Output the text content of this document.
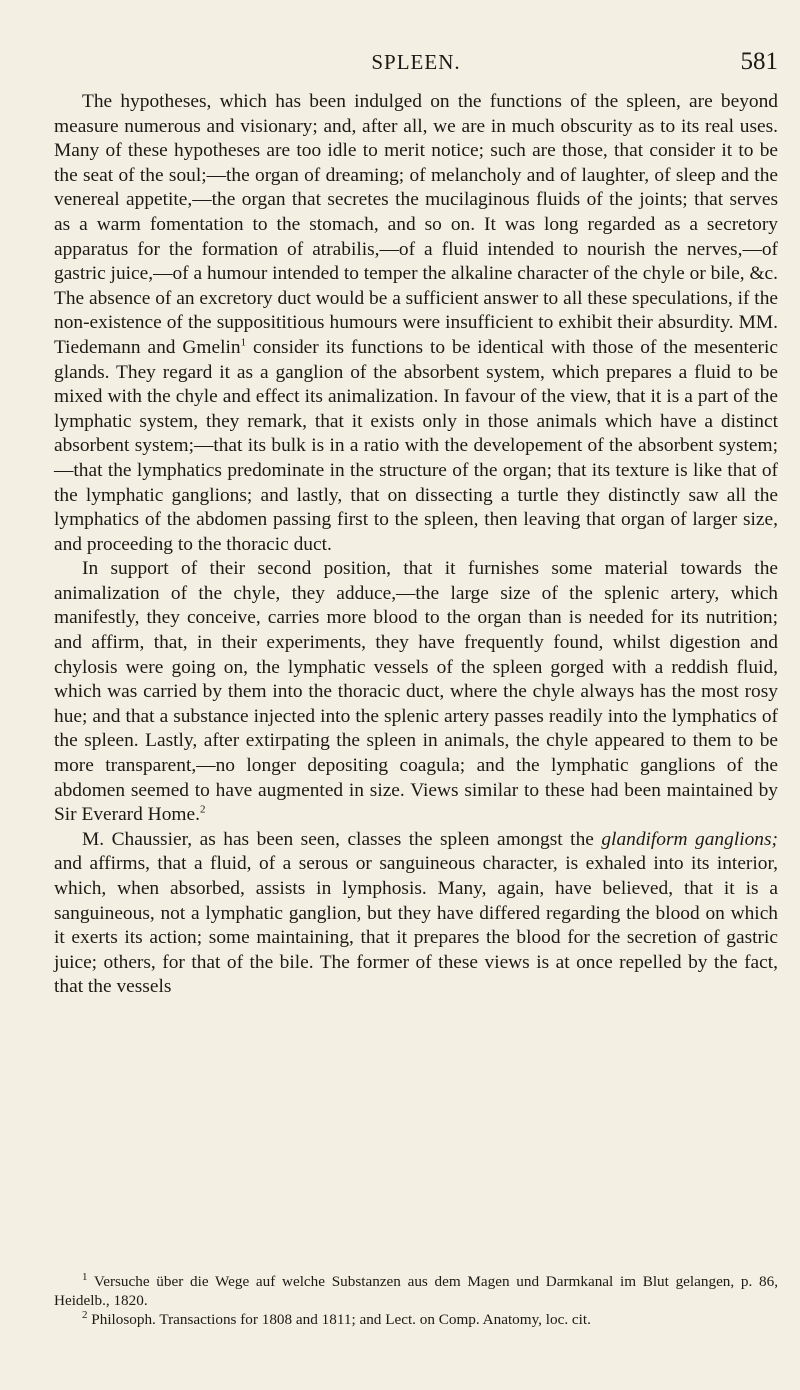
SPLEEN.	581

The hypotheses, which has been indulged on the functions of the spleen, are beyond measure numerous and visionary; and, after all, we are in much obscurity as to its real uses. Many of these hypotheses are too idle to merit notice; such are those, that consider it to be the seat of the soul;—the organ of dreaming; of melancholy and of laughter, of sleep and the venereal appetite,—the organ that secretes the mucilaginous fluids of the joints; that serves as a warm fomentation to the stomach, and so on. It was long regarded as a secretory apparatus for the formation of atrabilis,—of a fluid intended to nourish the nerves,—of gastric juice,—of a humour intended to temper the alkaline character of the chyle or bile, &c. The absence of an excretory duct would be a sufficient answer to all these speculations, if the non-existence of the supposititious humours were insufficient to exhibit their absurdity. MM. Tiedemann and Gmelin$^1$ consider its functions to be identical with those of the mesenteric glands. They regard it as a ganglion of the absorbent system, which prepares a fluid to be mixed with the chyle and effect its animalization. In favour of the view, that it is a part of the lymphatic system, they remark, that it exists only in those animals which have a distinct absorbent system;—that its bulk is in a ratio with the developement of the absorbent system;—that the lymphatics predominate in the structure of the organ; that its texture is like that of the lymphatic ganglions; and lastly, that on dissecting a turtle they distinctly saw all the lymphatics of the abdomen passing first to the spleen, then leaving that organ of larger size, and proceeding to the thoracic duct.

In support of their second position, that it furnishes some material towards the animalization of the chyle, they adduce,—the large size of the splenic artery, which manifestly, they conceive, carries more blood to the organ than is needed for its nutrition; and affirm, that, in their experiments, they have frequently found, whilst digestion and chylosis were going on, the lymphatic vessels of the spleen gorged with a reddish fluid, which was carried by them into the thoracic duct, where the chyle always has the most rosy hue; and that a substance injected into the splenic artery passes readily into the lymphatics of the spleen. Lastly, after extirpating the spleen in animals, the chyle appeared to them to be more transparent,—no longer depositing coagula; and the lymphatic ganglions of the abdomen seemed to have augmented in size. Views similar to these had been maintained by Sir Everard Home.$^2$

M. Chaussier, as has been seen, classes the spleen amongst the glandiform ganglions; and affirms, that a fluid, of a serous or sanguineous character, is exhaled into its interior, which, when absorbed, assists in lymphosis. Many, again, have believed, that it is a sanguineous, not a lymphatic ganglion, but they have differed regarding the blood on which it exerts its action; some maintaining, that it prepares the blood for the secretion of gastric juice; others, for that of the bile. The former of these views is at once repelled by the fact, that the vessels

$^1$ Versuche über die Wege auf welche Substanzen aus dem Magen und Darmkanal im Blut gelangen, p. 86, Heidelb., 1820.

$^2$ Philosoph. Transactions for 1808 and 1811; and Lect. on Comp. Anatomy, loc. cit.
